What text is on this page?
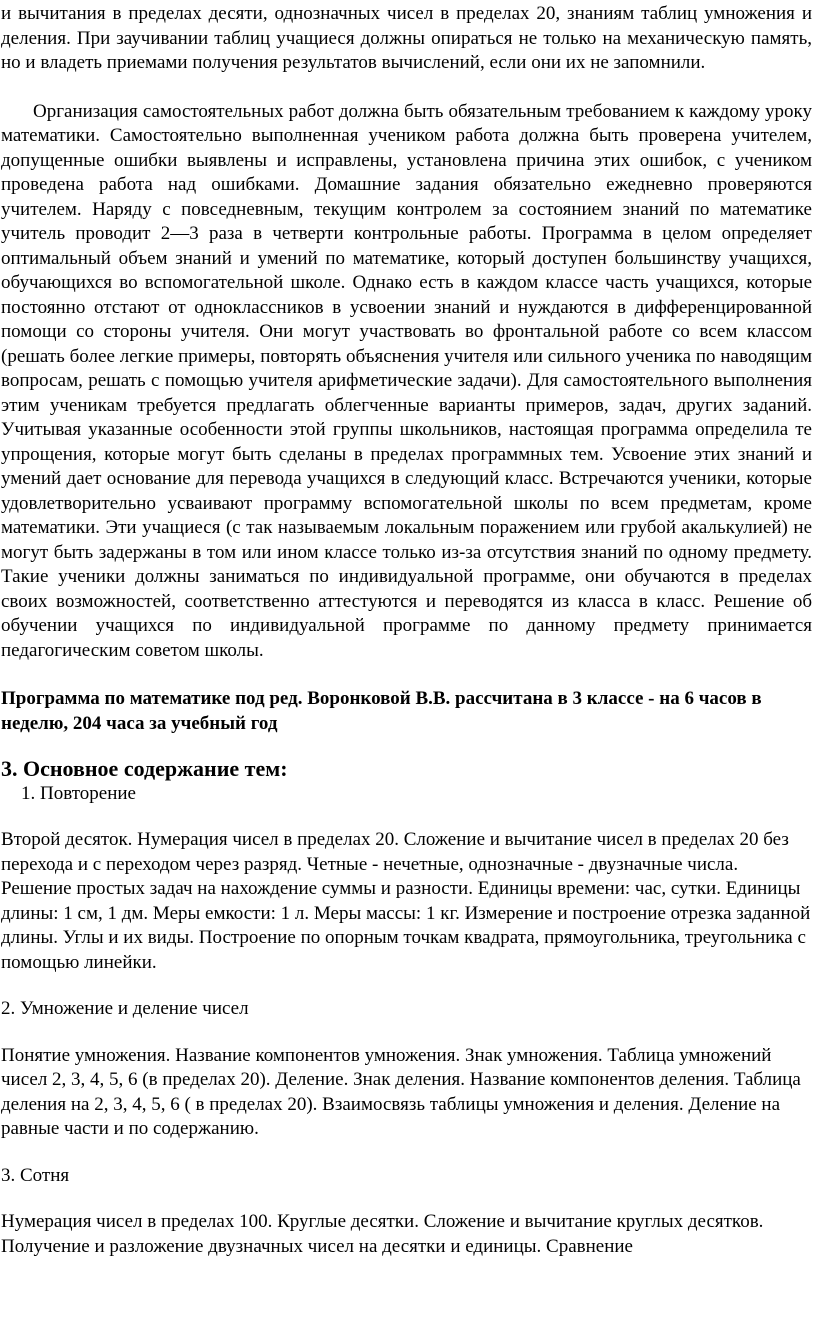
и вычитания в пределах десяти, однозначных чисел в пределах 20, знаниям таблиц умножения и деления. При заучивании таблиц учащиеся должны опираться не только на механическую память, но и владеть приемами получения результатов вычислений, если они их не запомнили.

Организация самостоятельных работ должна быть обязательным требованием к каждому уроку математики. Самостоятельно выполненная учеником работа должна быть проверена учителем, допущенные ошибки выявлены и исправлены, установлена причина этих ошибок, с учеником проведена работа над ошибками. Домашние задания обязательно ежедневно проверяются учителем. Наряду с повседневным, текущим контролем за состоянием знаний по математике учитель проводит 2—3 раза в четверти контрольные работы. Программа в целом определяет оптимальный объем знаний и умений по математике, который доступен большинству учащихся, обучающихся во вспомогательной школе. Однако есть в каждом классе часть учащихся, которые постоянно отстают от одноклассников в усвоении знаний и нуждаются в дифференцированной помощи со стороны учителя. Они могут участвовать во фронтальной работе со всем классом (решать более легкие примеры, повторять объяснения учителя или сильного ученика по наводящим вопросам, решать с помощью учителя арифметические задачи). Для самостоятельного выполнения этим ученикам требуется предлагать облегченные варианты примеров, задач, других заданий. Учитывая указанные особенности этой группы школьников, настоящая программа определила те упрощения, которые могут быть сделаны в пределах программных тем. Усвоение этих знаний и умений дает основание для перевода учащихся в следующий класс. Встречаются ученики, которые удовлетворительно усваивают программу вспомогательной школы по всем предметам, кроме математики. Эти учащиеся (с так называемым локальным поражением или грубой акалькулией) не могут быть задержаны в том или ином классе только из-за отсутствия знаний по одному предмету. Такие ученики должны заниматься по индивидуальной программе, они обучаются в пределах своих возможностей, соответственно аттестуются и переводятся из класса в класс. Решение об обучении учащихся по индивидуальной программе по данному предмету принимается педагогическим советом школы.

Программа по математике под ред. Воронковой В.В. рассчитана в 3 классе - на 6 часов в неделю, 204 часа за учебный год

3. Основное содержание тем:

1. Повторение

Второй десяток. Нумерация чисел в пределах 20. Сложение и вычитание чисел в пределах 20 без перехода и с переходом через разряд. Четные - нечетные, однозначные - двузначные числа. Решение простых задач на нахождение суммы и разности. Единицы времени: час, сутки. Единицы длины: 1 см, 1 дм. Меры емкости: 1 л. Меры массы: 1 кг. Измерение и построение отрезка заданной длины. Углы и их виды. Построение по опорным точкам квадрата, прямоугольника, треугольника с помощью линейки.

2. Умножение и деление чисел

Понятие умножения. Название компонентов умножения. Знак умножения. Таблица умножений чисел 2, 3, 4, 5, 6 (в пределах 20). Деление. Знак деления. Название компонентов деления. Таблица деления на 2, 3, 4, 5, 6 ( в пределах 20). Взаимосвязь таблицы умножения и деления. Деление на равные части и по содержанию.

3. Сотня

Нумерация чисел в пределах 100. Круглые десятки. Сложение и вычитание круглых десятков. Получение и разложение двузначных чисел на десятки и единицы. Сравнение
